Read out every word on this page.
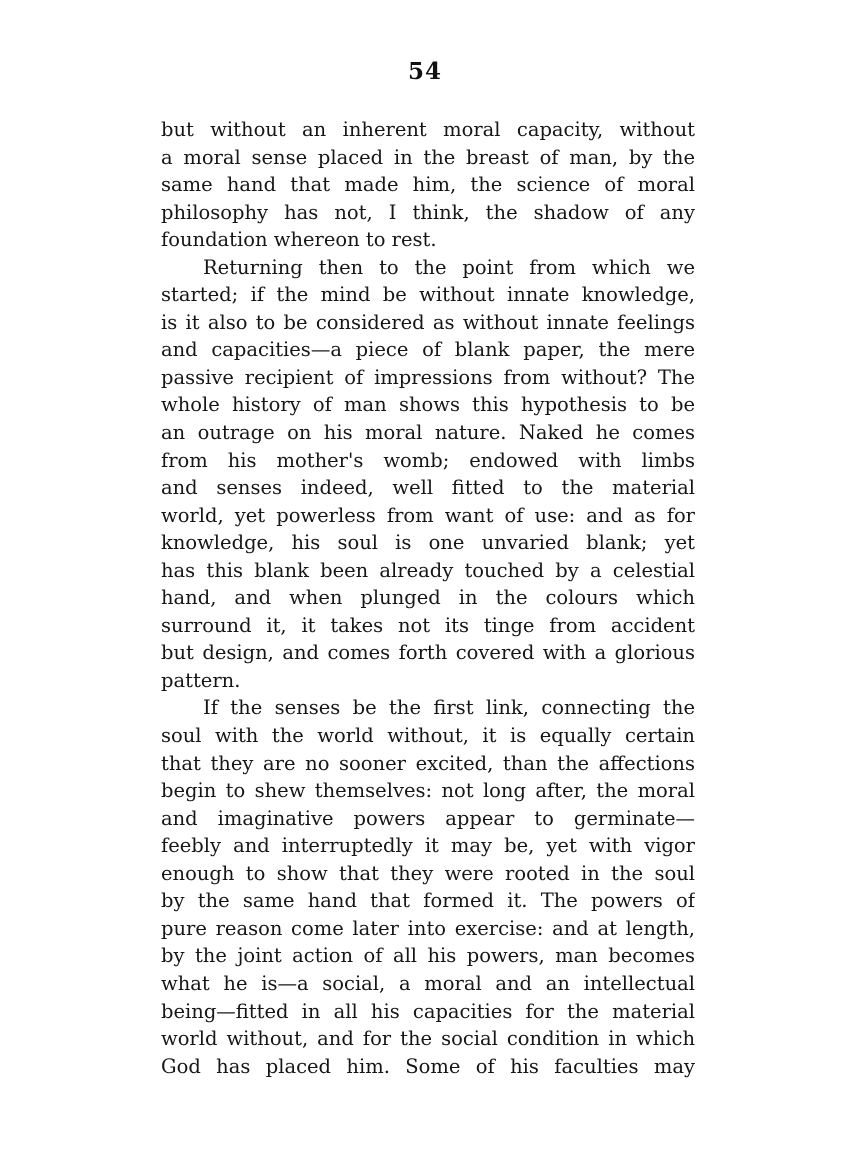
54
but without an inherent moral capacity, without
a moral sense placed in the breast of man, by the
same hand that made him, the science of moral
philosophy has not, I think, the shadow of any
foundation whereon to rest.
Returning then to the point from which we
started; if the mind be without innate knowledge,
is it also to be considered as without innate feelings
and capacities—a piece of blank paper, the mere
passive recipient of impressions from without? The
whole history of man shows this hypothesis to be
an outrage on his moral nature. Naked he comes
from his mother's womb; endowed with limbs
and senses indeed, well fitted to the material
world, yet powerless from want of use: and as for
knowledge, his soul is one unvaried blank; yet
has this blank been already touched by a celestial
hand, and when plunged in the colours which
surround it, it takes not its tinge from accident
but design, and comes forth covered with a glorious
pattern.
If the senses be the first link, connecting the
soul with the world without, it is equally certain
that they are no sooner excited, than the affections
begin to shew themselves: not long after, the moral
and imaginative powers appear to germinate—
feebly and interruptedly it may be, yet with vigor
enough to show that they were rooted in the soul
by the same hand that formed it. The powers of
pure reason come later into exercise: and at length,
by the joint action of all his powers, man becomes
what he is—a social, a moral and an intellectual
being—fitted in all his capacities for the material
world without, and for the social condition in which
God has placed him. Some of his faculties may
